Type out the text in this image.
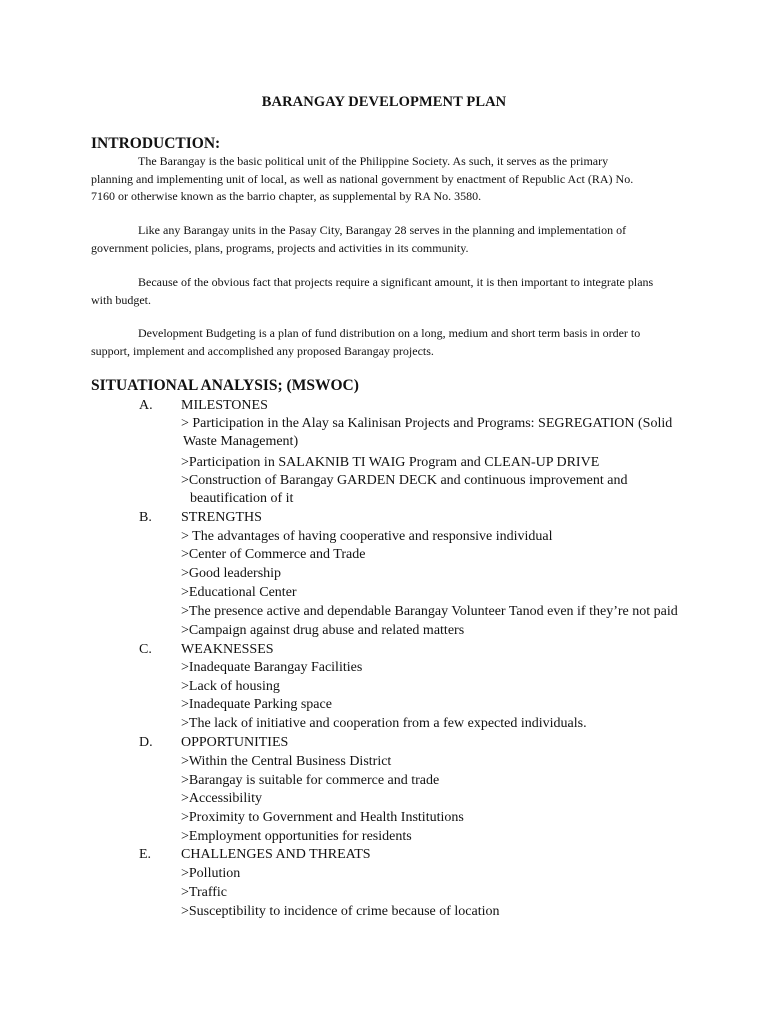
BARANGAY DEVELOPMENT PLAN
INTRODUCTION:
The Barangay is the basic political unit of the Philippine Society. As such, it serves as the primary
planning and implementing unit of local, as well as national government by enactment of Republic Act (RA) No.
7160 or otherwise known as the barrio chapter, as supplemental by RA No. 3580.
Like any Barangay units in the Pasay City, Barangay 28 serves in the planning and implementation of
government policies, plans, programs, projects and activities in its community.
Because of the obvious fact that projects require a significant amount, it is then important to integrate plans
with budget.
Development Budgeting is a plan of fund distribution on a long, medium and short term basis in order to
support, implement and accomplished any proposed Barangay projects.
SITUATIONAL ANALYSIS; (MSWOC)
A. MILESTONES
> Participation in the Alay sa Kalinisan Projects and Programs: SEGREGATION (Solid
Waste Management)
>Participation in SALAKNIB TI WAIG Program and CLEAN-UP DRIVE
>Construction of Barangay GARDEN DECK and continuous improvement and
beautification of it
B. STRENGTHS
> The advantages of having cooperative and responsive individual
>Center of Commerce and Trade
>Good leadership
>Educational Center
>The presence active and dependable Barangay Volunteer Tanod even if they’re not paid
>Campaign against drug abuse and related matters
C. WEAKNESSES
>Inadequate Barangay Facilities
>Lack of housing
>Inadequate Parking space
>The lack of initiative and cooperation from a few expected individuals.
D. OPPORTUNITIES
>Within the Central Business District
>Barangay is suitable for commerce and trade
>Accessibility
>Proximity to Government and Health Institutions
>Employment opportunities for residents
E. CHALLENGES AND THREATS
>Pollution
>Traffic
>Susceptibility to incidence of crime because of location
